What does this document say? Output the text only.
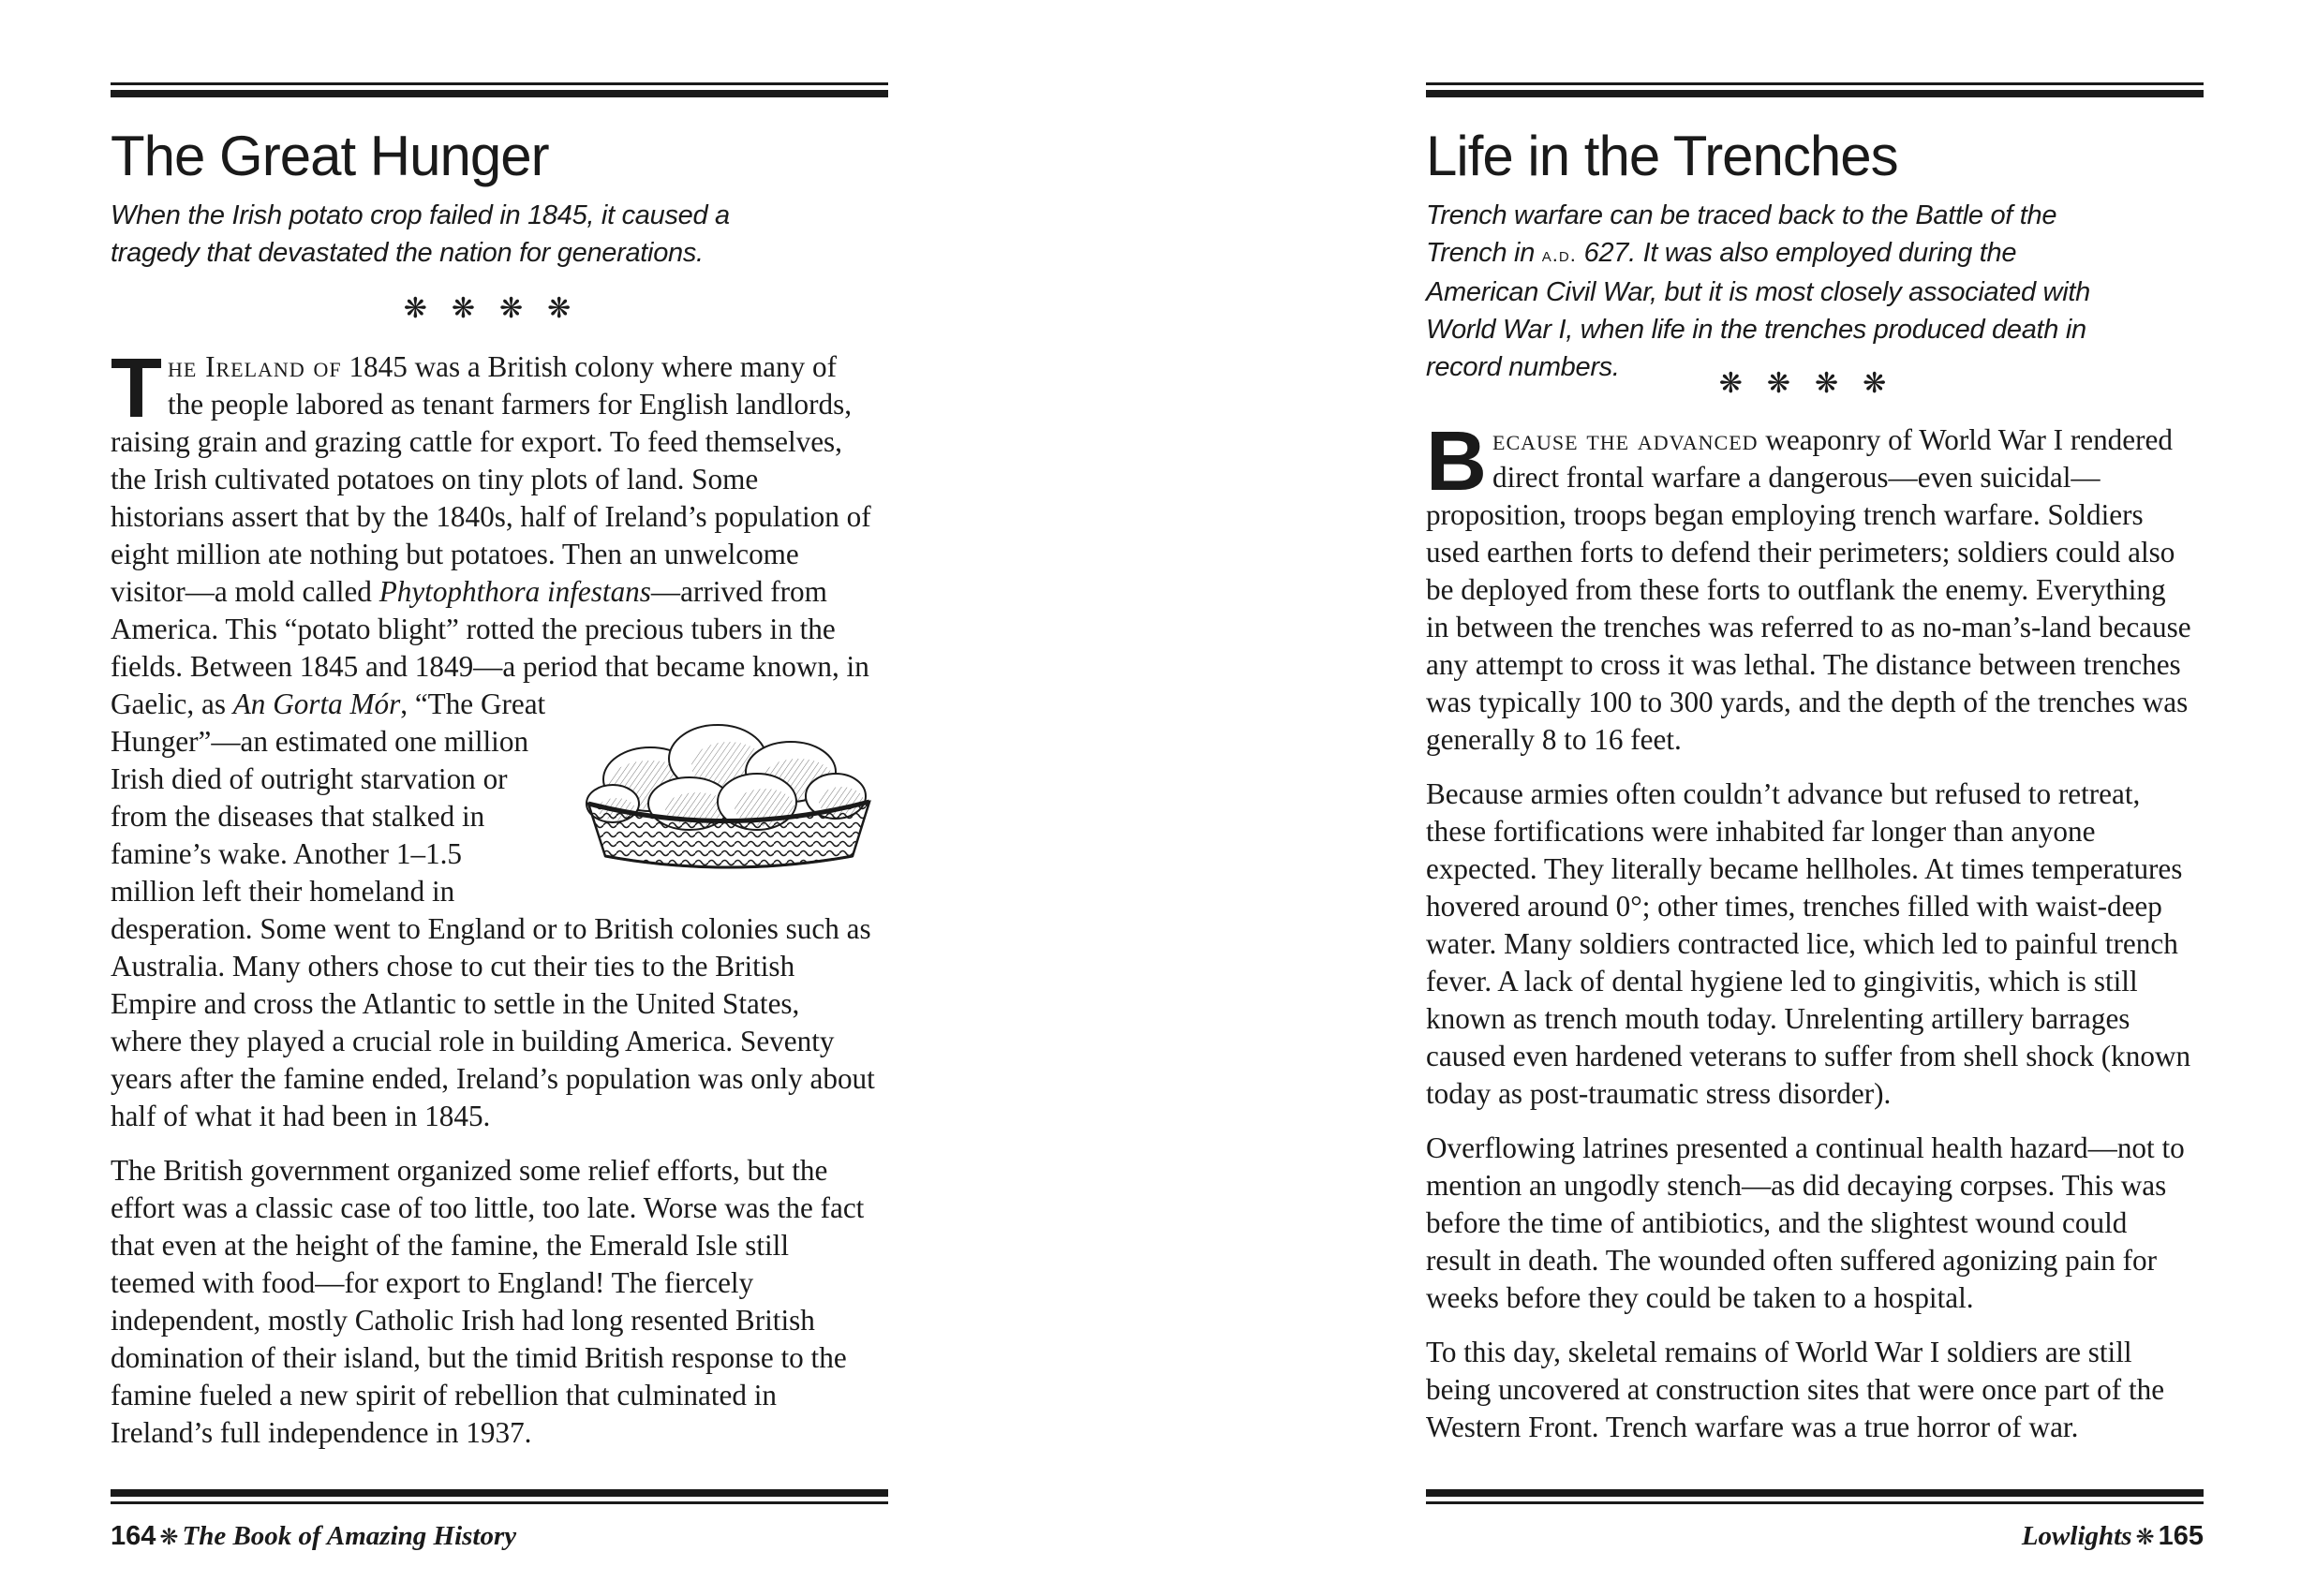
The Great Hunger

When the Irish potato crop failed in 1845, it caused a tragedy that devastated the nation for generations.

❋❋❋❋

The Ireland of 1845 was a British colony where many of the people labored as tenant farmers for English landlords, raising grain and grazing cattle for export. To feed themselves, the Irish cultivated potatoes on tiny plots of land. Some historians assert that by the 1840s, half of Ireland’s population of eight million ate nothing but potatoes. Then an unwelcome visitor—a mold called Phytophthora infestans—arrived from America. This “potato blight” rotted the precious tubers in the fields. Between 1845 and 1849—a period that became known, in Gaelic, as An Gorta Mór
, “The Great Hunger”—an estimated one million Irish died of outright starvation or from the diseases that stalked in famine’s wake. Another 1–1.5 million left their homeland in desperation. Some went to England or to British colonies such as Australia. Many others chose to cut their ties to the British Empire and cross the Atlantic to settle in the United States, where they played a crucial role in building America. Seventy years after the famine ended, Ireland’s population was only about half of what it had been in 1845.

The British government organized some relief efforts, but the effort was a classic case of too little, too late. Worse was the fact that even at the height of the famine, the Emerald Isle still teemed with food—for export to England! The fiercely independent, mostly Catholic Irish had long resented British domination of their island, but the timid British response to the famine fueled a new spirit of rebellion that culminated in Ireland’s full independence in 1937.

164 ❋ The Book of Amazing History
Life in the Trenches

Trench warfare can be traced back to the Battle of the Trench in a.d. 627. It was also employed during the American Civil War, but it is most closely associated with World War I, when life in the trenches produced death in record numbers.	❋❋❋❋

Because the advanced weaponry of World War I rendered direct frontal warfare a dangerous—even suicidal—proposition, troops began employing trench warfare. Soldiers used earthen forts to defend their perimeters; soldiers could also be deployed from these forts to outflank the enemy. Everything in between the trenches was referred to as no-man’s-land because any attempt to cross it was lethal. The distance between trenches was typically 100 to 300 yards, and the depth of the trenches was generally 8 to 16 feet.

Because armies often couldn’t advance but refused to retreat, these fortifications were inhabited far longer than anyone expected. They literally became hellholes. At times temperatures hovered around 0°; other times, trenches filled with waist-deep water. Many soldiers contracted lice, which led to painful trench fever. A lack of dental hygiene led to gingivitis, which is still known as trench mouth today. Unrelenting artillery barrages caused even hardened veterans to suffer from shell shock (known today as post-traumatic stress disorder).

Overflowing latrines presented a continual health hazard—not to mention an ungodly stench—as did decaying corpses. This was before the time of antibiotics, and the slightest wound could result in death. The wounded often suffered agonizing pain for weeks before they could be taken to a hospital.

To this day, skeletal remains of World War I soldiers are still being uncovered at construction sites that were once part of the Western Front. Trench warfare was a true horror of war.

Lowlights ❋ 165
